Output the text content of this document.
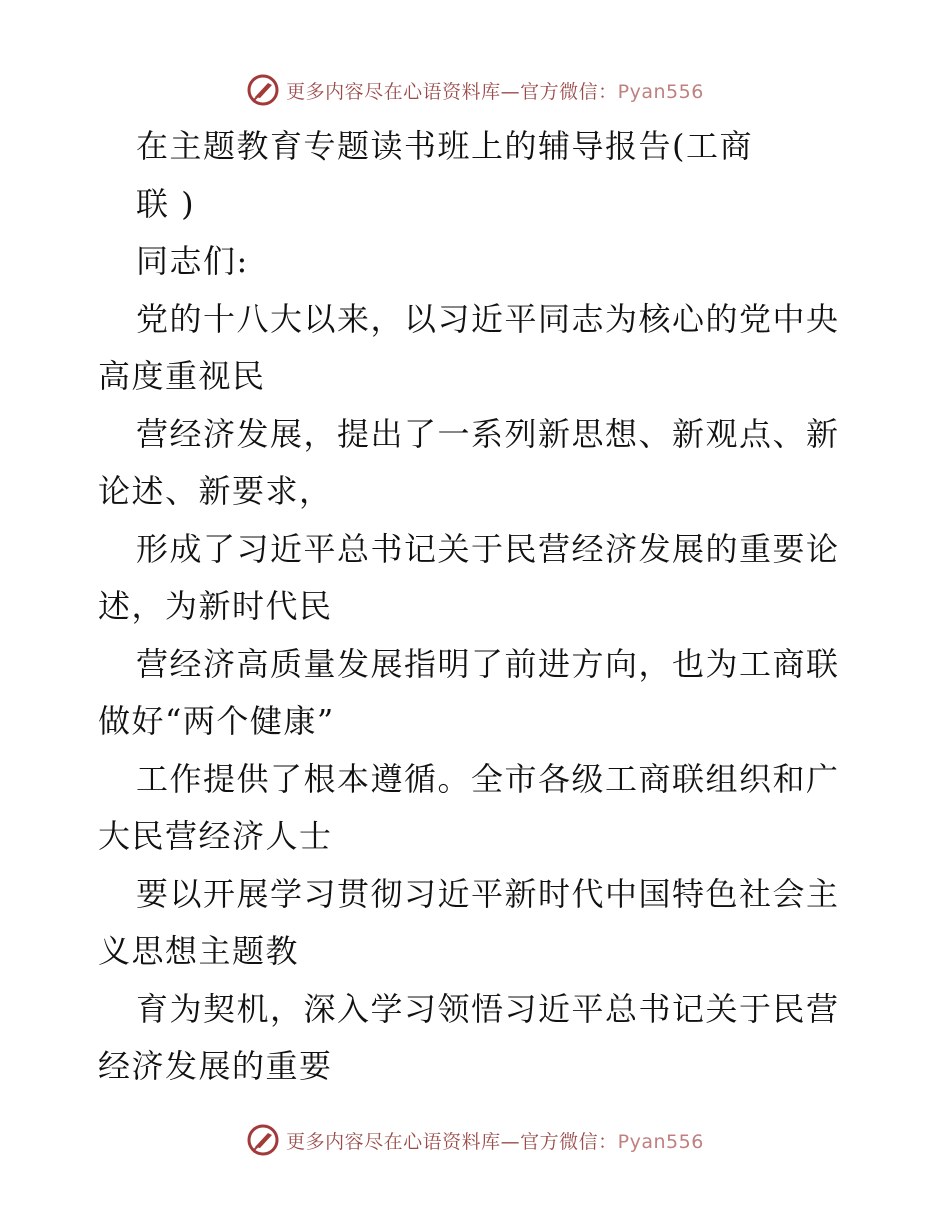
更多内容尽在心语资料库—官方微信：Pyan556
在主题教育专题读书班上的辅导报告(工商
联 )
同志们:
党的十八大以来，以习近平同志为核心的党中央
高度重视民
营经济发展，提出了一系列新思想、新观点、新
论述、新要求，
形成了习近平总书记关于民营经济发展的重要论
述，为新时代民
营经济高质量发展指明了前进方向，也为工商联
做好“两个健康”
工作提供了根本遵循。全市各级工商联组织和广
大民营经济人士
要以开展学习贯彻习近平新时代中国特色社会主
义思想主题教
育为契机，深入学习领悟习近平总书记关于民营
经济发展的重要
更多内容尽在心语资料库—官方微信：Pyan556
